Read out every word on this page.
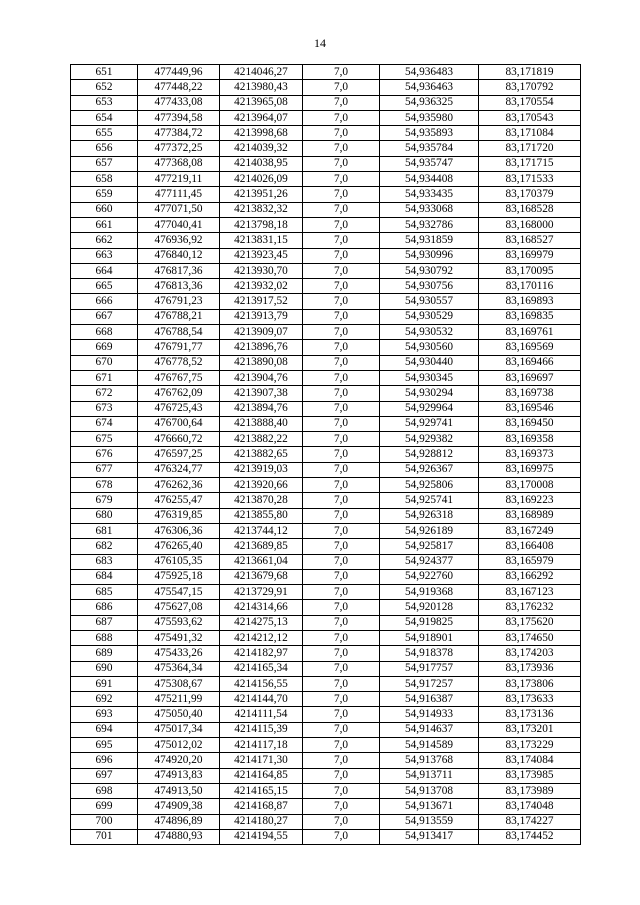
14
651	477449,96	4214046,27	7,0	54,936483	83,171819
652	477448,22	4213980,43	7,0	54,936463	83,170792
653	477433,08	4213965,08	7,0	54,936325	83,170554
654	477394,58	4213964,07	7,0	54,935980	83,170543
655	477384,72	4213998,68	7,0	54,935893	83,171084
656	477372,25	4214039,32	7,0	54,935784	83,171720
657	477368,08	4214038,95	7,0	54,935747	83,171715
658	477219,11	4214026,09	7,0	54,934408	83,171533
659	477111,45	4213951,26	7,0	54,933435	83,170379
660	477071,50	4213832,32	7,0	54,933068	83,168528
661	477040,41	4213798,18	7,0	54,932786	83,168000
662	476936,92	4213831,15	7,0	54,931859	83,168527
663	476840,12	4213923,45	7,0	54,930996	83,169979
664	476817,36	4213930,70	7,0	54,930792	83,170095
665	476813,36	4213932,02	7,0	54,930756	83,170116
666	476791,23	4213917,52	7,0	54,930557	83,169893
667	476788,21	4213913,79	7,0	54,930529	83,169835
668	476788,54	4213909,07	7,0	54,930532	83,169761
669	476791,77	4213896,76	7,0	54,930560	83,169569
670	476778,52	4213890,08	7,0	54,930440	83,169466
671	476767,75	4213904,76	7,0	54,930345	83,169697
672	476762,09	4213907,38	7,0	54,930294	83,169738
673	476725,43	4213894,76	7,0	54,929964	83,169546
674	476700,64	4213888,40	7,0	54,929741	83,169450
675	476660,72	4213882,22	7,0	54,929382	83,169358
676	476597,25	4213882,65	7,0	54,928812	83,169373
677	476324,77	4213919,03	7,0	54,926367	83,169975
678	476262,36	4213920,66	7,0	54,925806	83,170008
679	476255,47	4213870,28	7,0	54,925741	83,169223
680	476319,85	4213855,80	7,0	54,926318	83,168989
681	476306,36	4213744,12	7,0	54,926189	83,167249
682	476265,40	4213689,85	7,0	54,925817	83,166408
683	476105,35	4213661,04	7,0	54,924377	83,165979
684	475925,18	4213679,68	7,0	54,922760	83,166292
685	475547,15	4213729,91	7,0	54,919368	83,167123
686	475627,08	4214314,66	7,0	54,920128	83,176232
687	475593,62	4214275,13	7,0	54,919825	83,175620
688	475491,32	4214212,12	7,0	54,918901	83,174650
689	475433,26	4214182,97	7,0	54,918378	83,174203
690	475364,34	4214165,34	7,0	54,917757	83,173936
691	475308,67	4214156,55	7,0	54,917257	83,173806
692	475211,99	4214144,70	7,0	54,916387	83,173633
693	475050,40	4214111,54	7,0	54,914933	83,173136
694	475017,34	4214115,39	7,0	54,914637	83,173201
695	475012,02	4214117,18	7,0	54,914589	83,173229
696	474920,20	4214171,30	7,0	54,913768	83,174084
697	474913,83	4214164,85	7,0	54,913711	83,173985
698	474913,50	4214165,15	7,0	54,913708	83,173989
699	474909,38	4214168,87	7,0	54,913671	83,174048
700	474896,89	4214180,27	7,0	54,913559	83,174227
701	474880,93	4214194,55	7,0	54,913417	83,174452
